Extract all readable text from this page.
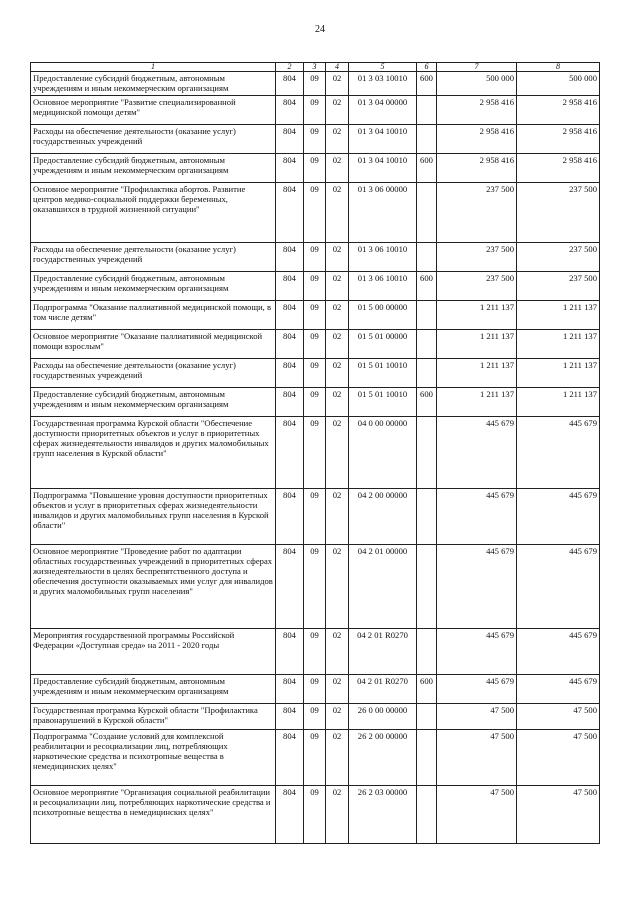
24
1	2	3	4	5	6	7	8
Предоставление субсидий бюджетным, автономным учреждениям и иным некоммерческим организациям	804	09	02	01 3 03 10010	600	500 000	500 000
Основное мероприятие "Развитие специализированной медицинской помощи детям"	804	09	02	01 3 04 00000		2 958 416	2 958 416
Расходы на обеспечение деятельности (оказание услуг) государственных учреждений	804	09	02	01 3 04 10010		2 958 416	2 958 416
Предоставление субсидий бюджетным, автономным учреждениям и иным некоммерческим организациям	804	09	02	01 3 04 10010	600	2 958 416	2 958 416
Основное мероприятие "Профилактика абортов. Развитие центров медико-социальной поддержки беременных, оказавшихся в трудной жизненной ситуации"	804	09	02	01 3 06 00000		237 500	237 500
Расходы на обеспечение деятельности (оказание услуг) государственных учреждений	804	09	02	01 3 06 10010		237 500	237 500
Предоставление субсидий бюджетным, автономным учреждениям и иным некоммерческим организациям	804	09	02	01 3 06 10010	600	237 500	237 500
Подпрограмма "Оказание паллиативной медицинской помощи, в том числе детям"	804	09	02	01 5 00 00000		1 211 137	1 211 137
Основное мероприятие "Оказание паллиативной медицинской помощи взрослым"	804	09	02	01 5 01 00000		1 211 137	1 211 137
Расходы на обеспечение деятельности (оказание услуг) государственных учреждений	804	09	02	01 5 01 10010		1 211 137	1 211 137
Предоставление субсидий бюджетным, автономным учреждениям и иным некоммерческим организациям	804	09	02	01 5 01 10010	600	1 211 137	1 211 137
Государственная программа Курской области "Обеспечение доступности приоритетных объектов и услуг в приоритетных сферах жизнедеятельности инвалидов и других маломобильных групп населения в Курской области"	804	09	02	04 0 00 00000		445 679	445 679
Подпрограмма "Повышение уровня доступности приоритетных объектов и услуг в приоритетных сферах жизнедеятельности инвалидов и других маломобильных групп населения в Курской области"	804	09	02	04 2 00 00000		445 679	445 679
Основное мероприятие "Проведение работ по адаптации областных государственных учреждений в приоритетных сферах жизнедеятельности в целях беспрепятственного доступа и обеспечения доступности оказываемых ими услуг для инвалидов и других маломобильных групп населения"	804	09	02	04 2 01 00000		445 679	445 679
Мероприятия государственной программы Российской Федерации «Доступная среда» на 2011 - 2020 годы	804	09	02	04 2 01 R0270		445 679	445 679
Предоставление субсидий бюджетным, автономным учреждениям и иным некоммерческим организациям	804	09	02	04 2 01 R0270	600	445 679	445 679
Государственная программа Курской области "Профилактика правонарушений в Курской области"	804	09	02	26 0 00 00000		47 500	47 500
Подпрограмма "Создание условий для комплексной реабилитации и ресоциализации лиц, потребляющих наркотические средства и психотропные вещества в немедицинских целях"	804	09	02	26 2 00 00000		47 500	47 500
Основное мероприятие "Организация социальной реабилитации и ресоциализации лиц, потребляющих наркотические средства и психотропные вещества в немедицинских целях"	804	09	02	26 2 03 00000		47 500	47 500
